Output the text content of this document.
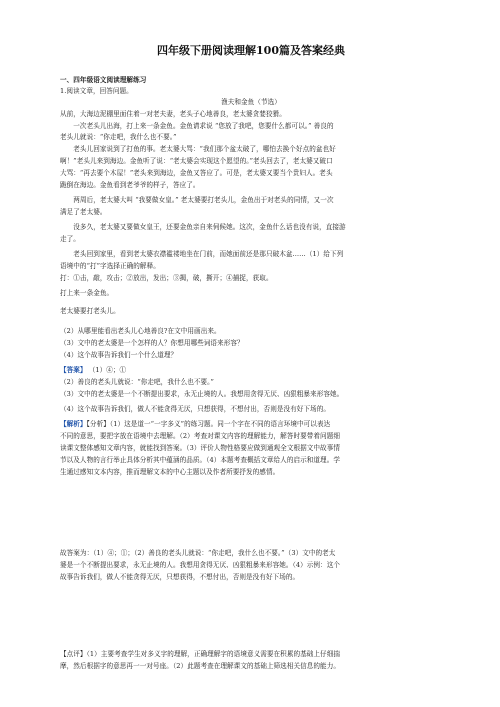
四年级下册阅读理解100篇及答案经典
一、四年级语文阅读理解练习
1.阅读文章，回答问题。
渔夫和金鱼（节选）
从前，大海边泥棚里面住着一对老夫妻，老头子心地善良，老太婆贪婪狡猾。
　　一次老头儿出海，打上来一条金鱼。金鱼请求说 “您放了我吧，您要什么都可以。” 善良的
老头儿就说：“你走吧，我什么也不要。”
　　老头儿回家说到了打鱼的事。老太婆大骂：“我们那个盆太破了，哪怕去换个好点的盆也好
啊！”老头儿来到海边。金鱼听了说：“老太婆会实现这个愿望的。”老头回去了，老太婆又破口
大骂：“再去要个木屋！”老头来到海边，金鱼又答应了。可是，老太婆又要当个贵妇人。老头
跪倒在海边。金鱼看到老爷爷的样子，答应了。
　　两周后，老太婆大叫 “我要做女皇。” 老太婆要打老头儿，金鱼出于对老头的同情，又一次
满足了老太婆。
　　没多久，老太婆又要做女皇王，还要金鱼亲自来伺候她。这次，金鱼什么话也没有说，直接游
走了。
　　老头回到家里，看到老太婆衣襟褴褛地坐在门前，而她面前还是那只破木盆……（1）给下列
语境中的“打”字选择正确的解释。
打：①击，敲，攻击；②放出，发出；③揭，破，撕开；④捕捉，获取。
打上来一条金鱼。
老太婆要打老头儿。
（2）从哪里能看出老头儿心地善良?在文中用画出来。
（3）文中的老太婆是一个怎样的人？你想用哪些词语来形容？
（4）这个故事告诉我们一个什么道理？
【答案】 （1）④；①
（2）善良的老头儿就说：“你走吧，我什么也不要。”
（3）文中的老太婆是一个不断提出要求，永无止境的人。我想用贪得无厌、凶狠粗暴来形容她。
（4）这个故事告诉我们，做人不能贪得无厌，只想获得，不想付出，否则是没有好下场的。
【解析】【分析】（1）这是道一“一字多义”的练习题。同一个字在不同的语言环境中可以表达
不同的意思，要把字放在语境中去理解。（2）考查对课文内容的理解能力，解答时要带着问题细
读课文整体感知文章内容，就能找到答案。（3）评价人物性格要应做到通观全文根据文中故事情
节以及人物的言行举止具体分析其中蕴涵的品质。（4）本题考查概括文章给人的启示和道理。学
生通过感知文本内容，推而理解文本的中心主题以及作者所要抒发的感情。
故答案为：（1）④；①；（2）善良的老头儿就说：“你走吧，我什么也不要。”（3）文中的老太
婆是一个不断提出要求，永无止境的人。我想用贪得无厌、凶狠粗暴来形容她。（4）示例：这个
故事告诉我们，做人不能贪得无厌，只想获得，不想付出，否则是没有好下场的。
【点评】（1）主要考查学生对多义字的理解，正确理解字的语境意义需要在积累的基础上仔细揣
摩，然后根据字的意思再一一对号座。（2）此题考查在理解课文的基础上筛选相关信息的能力。
